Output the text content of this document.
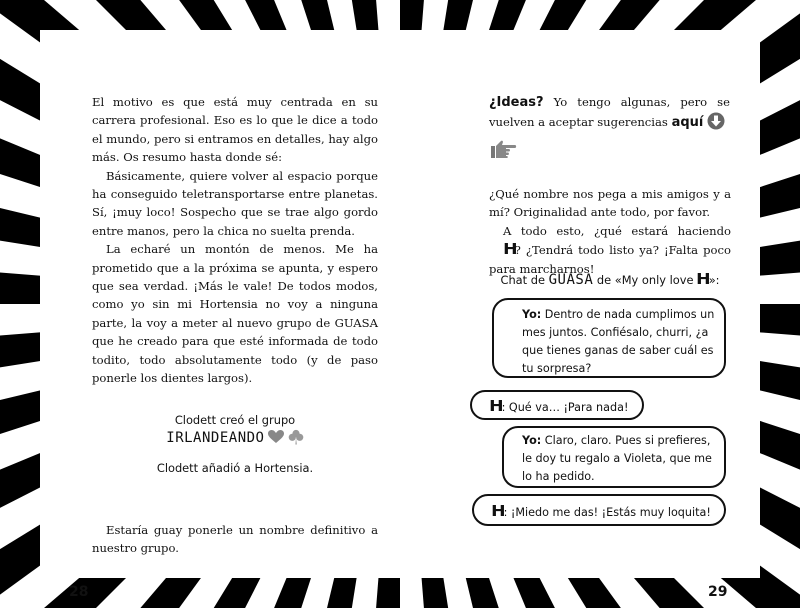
El motivo es que está muy centrada en su carrera profesional. Eso es lo que le dice a todo el mundo, pero si entramos en detalles, hay algo más. Os resumo hasta donde sé:

Básicamente, quiere volver al espacio porque ha conseguido teletransportarse entre planetas. Sí, ¡muy loco! Sospecho que se trae algo gordo entre manos, pero la chica no suelta prenda.

La echaré un montón de menos. Me ha prometido que a la próxima se apunta, y espero que sea verdad. ¡Más le vale! De todos modos, como yo sin mi Hortensia no voy a ninguna parte, la voy a meter al nuevo grupo de GUASA que he creado para que esté informada de todo todito, todo absolutamente todo (y de paso ponerle los dientes largos).

Clodett creó el grupo

IRLANDEANDO

Clodett añadió a Hortensia.

Estaría guay ponerle un nombre definitivo a nuestro grupo.

28

¿Ideas? Yo tengo algunas, pero se vuelven a aceptar sugerencias aquí

¿Qué nombre nos pega a mis amigos y a mí? Originalidad ante todo, por favor.

A todo esto, ¿qué estará haciendo H? ¿Tendrá todo listo ya? ¡Falta poco para marcharnos!

Chat de GUASA de «My only love H»:

Yo: Dentro de nada cumplimos un mes juntos. Confiésalo, churri, ¿a que tienes ganas de saber cuál es tu sorpresa?
H: Qué va… ¡Para nada!
Yo: Claro, claro. Pues si prefieres, le doy tu regalo a Violeta, que me lo ha pedido.
H: ¡Miedo me das! ¡Estás muy loquita!
29
